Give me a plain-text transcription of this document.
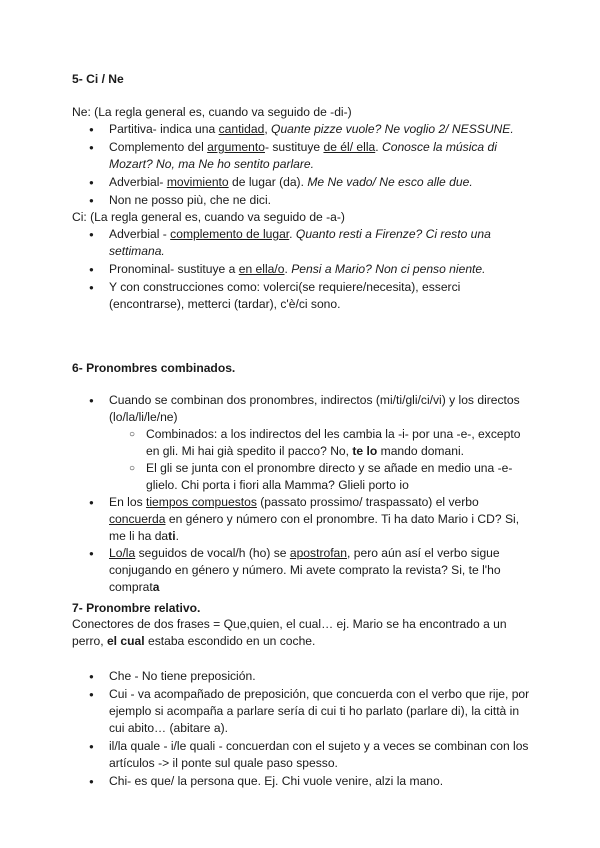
5- Ci / Ne

Ne: (La regla general es, cuando va seguido de -di-)

● Partitiva- indica una cantidad, Quante pizze vuole? Ne voglio 2/ NESSUNE.
● Complemento del argumento- sustituye de él/ ella. Conosce la música di Mozart? No, ma Ne ho sentito parlare.
● Adverbial- movimiento de lugar (da). Me Ne vado/ Ne esco alle due.
● Non ne posso più, che ne dici.

Ci: (La regla general es, cuando va seguido de -a-)

● Adverbial - complemento de lugar. Quanto resti a Firenze? Ci resto una settimana.
● Pronominal- sustituye a en ella/o. Pensi a Mario? Non ci penso niente.
● Y con construcciones como: volerci(se requiere/necesita), esserci (encontrarse), metterci (tardar), c'è/ci sono.
6- Pronombres combinados.
● Cuando se combinan dos pronombres, indirectos (mi/ti/gli/ci/vi) y los directos (lo/la/li/le/ne)
○ Combinados: a los indirectos del les cambia la -i- por una -e-, excepto en gli. Mi hai già spedito il pacco? No, te lo mando domani.
○ El gli se junta con el pronombre directo y se añade en medio una -e- glielo. Chi porta i fiori alla Mamma? Glieli porto io
● En los tiempos compuestos (passato prossimo/ traspassato) el verbo concuerda en género y número con el pronombre. Ti ha dato Mario i CD? Si, me li ha dati.
● Lo/la seguidos de vocal/h (ho) se apostrofan, pero aún así el verbo sigue conjugando en género y número. Mi avete comprato la revista? Si, te l'ho comprata
7- Pronombre relativo.

Conectores de dos frases = Que,quien, el cual… ej. Mario se ha encontrado a un perro, el cual estaba escondido en un coche.

● Che - No tiene preposición.
● Cui - va acompañado de preposición, que concuerda con el verbo que rije, por ejemplo si acompaña a parlare sería di cui ti ho parlato (parlare di), la città in cui abito… (abitare a).
● il/la quale - i/le quali - concuerdan con el sujeto y a veces se combinan con los artículos -> il ponte sul quale paso spesso.
● Chi- es que/ la persona que. Ej. Chi vuole venire, alzi la mano.
